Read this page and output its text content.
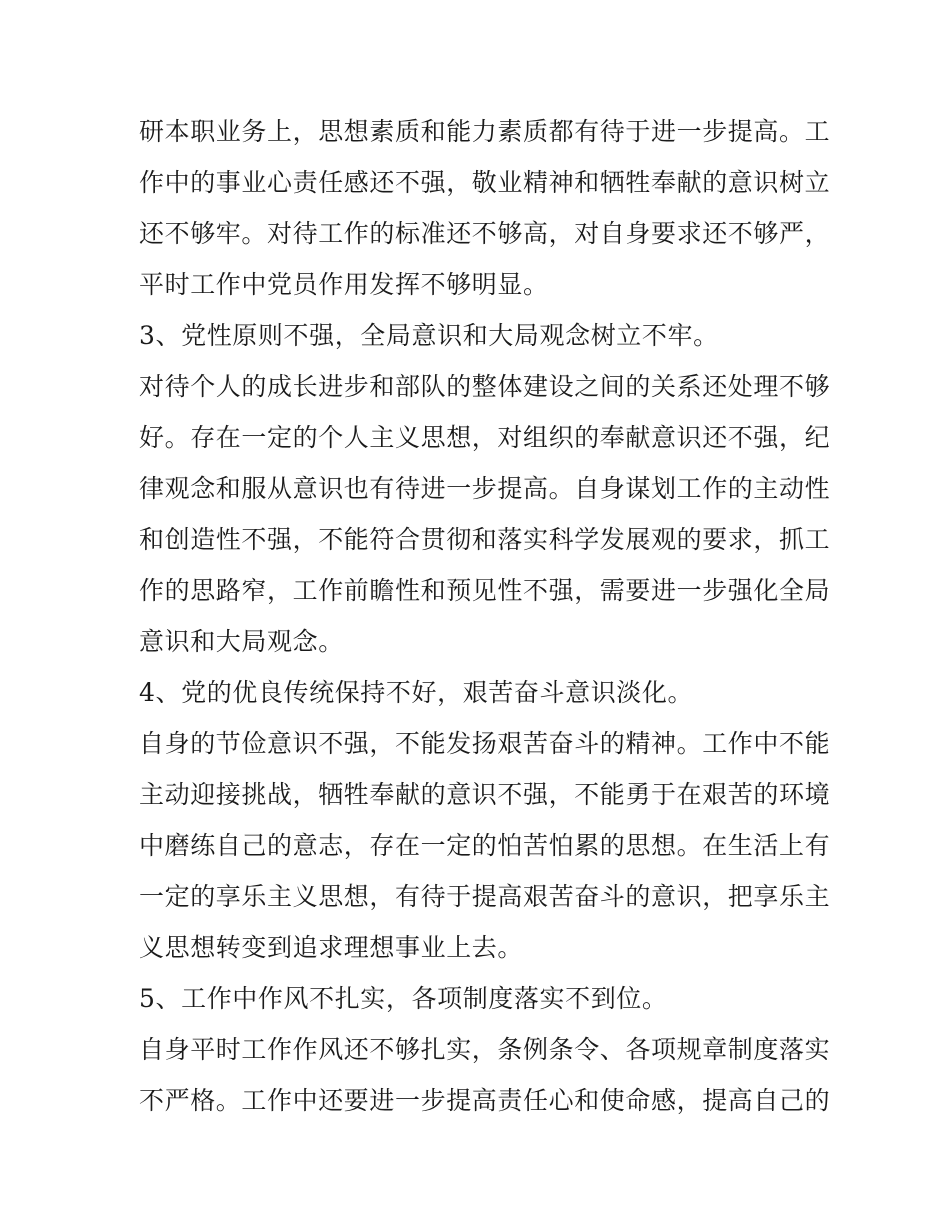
研本职业务上，思想素质和能力素质都有待于进一步提高。工
作中的事业心责任感还不强，敬业精神和牺牲奉献的意识树立
还不够牢。对待工作的标准还不够高，对自身要求还不够严，
平时工作中党员作用发挥不够明显。
3、党性原则不强，全局意识和大局观念树立不牢。
对待个人的成长进步和部队的整体建设之间的关系还处理不够
好。存在一定的个人主义思想，对组织的奉献意识还不强，纪
律观念和服从意识也有待进一步提高。自身谋划工作的主动性
和创造性不强，不能符合贯彻和落实科学发展观的要求，抓工
作的思路窄，工作前瞻性和预见性不强，需要进一步强化全局
意识和大局观念。
4、党的优良传统保持不好，艰苦奋斗意识淡化。
自身的节俭意识不强，不能发扬艰苦奋斗的精神。工作中不能
主动迎接挑战，牺牲奉献的意识不强，不能勇于在艰苦的环境
中磨练自己的意志，存在一定的怕苦怕累的思想。在生活上有
一定的享乐主义思想，有待于提高艰苦奋斗的意识，把享乐主
义思想转变到追求理想事业上去。
5、工作中作风不扎实，各项制度落实不到位。
自身平时工作作风还不够扎实，条例条令、各项规章制度落实
不严格。工作中还要进一步提高责任心和使命感，提高自己的
